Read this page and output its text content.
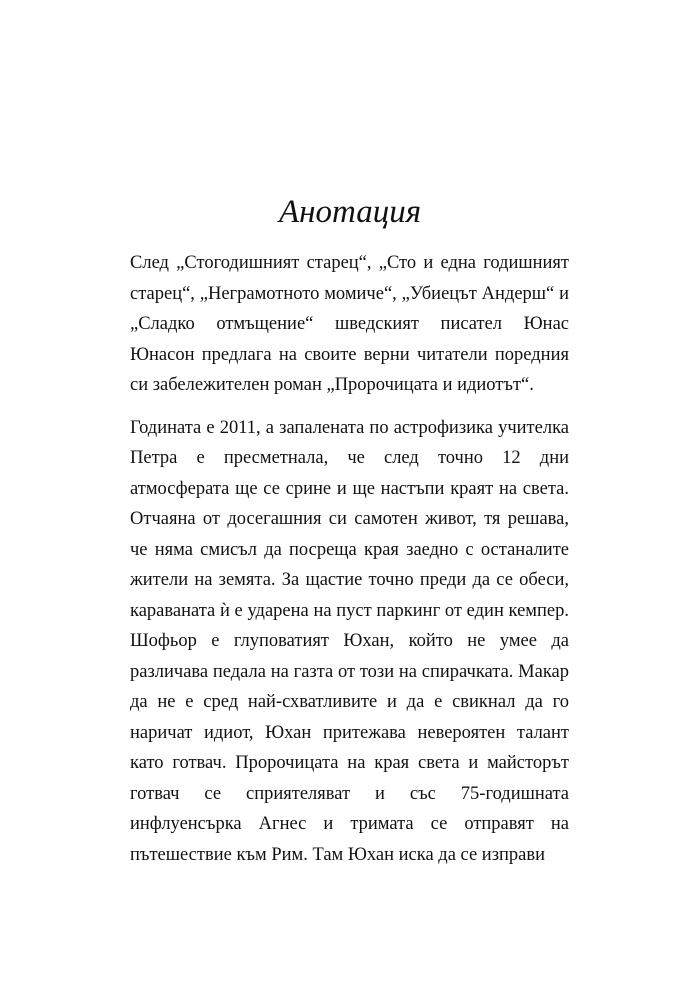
Анотация

След „Стогодишният старец“, „Сто и една годишният старец“, „Неграмотното момиче“, „Убиецът Андерш“ и „Сладко отмъщение“ шведският писател Юнас Юнасон предлага на своите верни читатели поредния си забележителен роман „Пророчицата и идиотът“.

Годината е 2011, а запалената по астрофизика учителка Петра е пресметнала, че след точно 12 дни атмосферата ще се срине и ще настъпи краят на света. Отчаяна от досегашния си самотен живот, тя решава, че няма смисъл да посреща края заедно с останалите жители на земята. За щастие точно преди да се обеси, караваната ѝ е ударена на пуст паркинг от един кемпер. Шофьор е глуповатият Юхан, който не умее да различава педала на газта от този на спирачката. Макар да не е сред най-схватливите и да е свикнал да го наричат идиот, Юхан притежава невероятен талант като готвач. Пророчицата на края света и майсторът готвач се сприятеляват и със 75-годишната инфлуенсърка Агнес и тримата се отправят на пътешествие към Рим. Там Юхан иска да се изправи
